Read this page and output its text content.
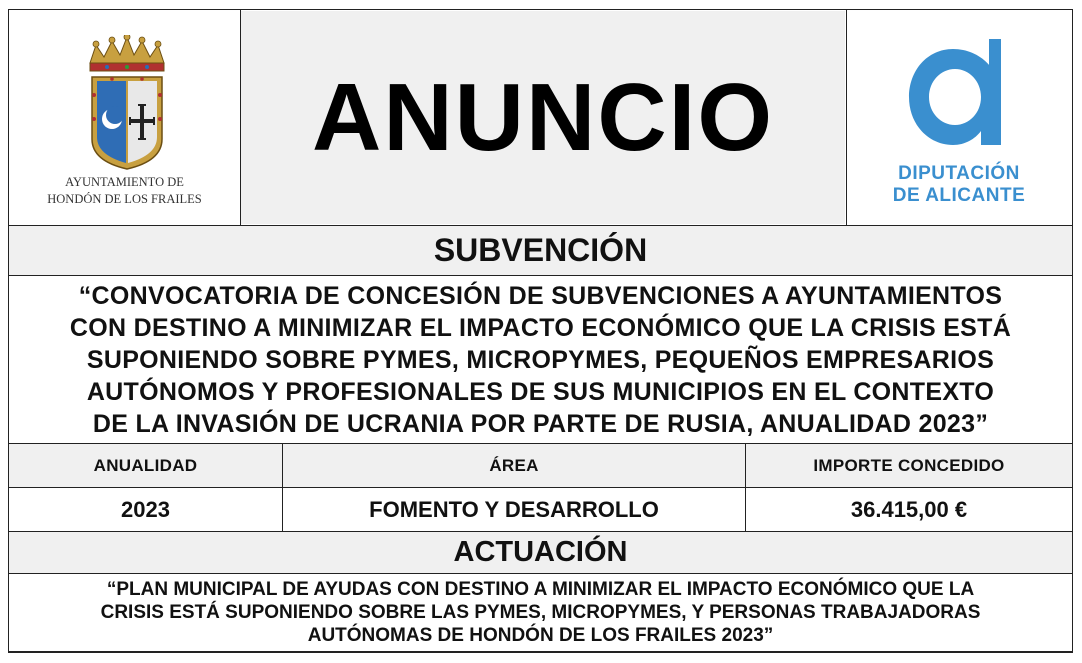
AYUNTAMIENTO DE
HONDÓN DE LOS FRAILES
ANUNCIO
DIPUTACIÓN
DE ALICANTE
SUBVENCIÓN
“CONVOCATORIA DE CONCESIÓN DE SUBVENCIONES A AYUNTAMIENTOS
CON DESTINO A MINIMIZAR EL IMPACTO ECONÓMICO QUE LA CRISIS ESTÁ
SUPONIENDO SOBRE PYMES, MICROPYMES, PEQUEÑOS EMPRESARIOS
AUTÓNOMOS Y PROFESIONALES DE SUS MUNICIPIOS EN EL CONTEXTO
DE LA INVASIÓN DE UCRANIA POR PARTE DE RUSIA, ANUALIDAD 2023”
ANUALIDAD	ÁREA	IMPORTE CONCEDIDO
2023	FOMENTO Y DESARROLLO	36.415,00 €
ACTUACIÓN
“PLAN MUNICIPAL DE AYUDAS CON DESTINO A MINIMIZAR EL IMPACTO ECONÓMICO QUE LA
CRISIS ESTÁ SUPONIENDO SOBRE LAS PYMES, MICROPYMES, Y PERSONAS TRABAJADORAS
AUTÓNOMAS DE HONDÓN DE LOS FRAILES 2023”
